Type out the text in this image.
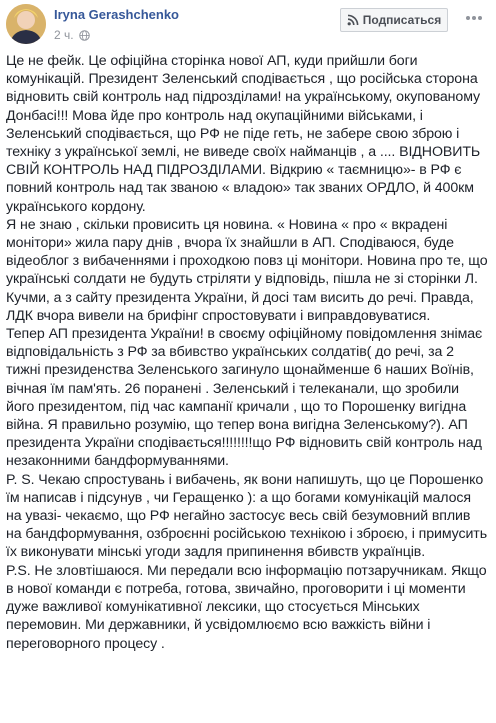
Iryna Gerashchenko
2 ч.
Подписаться

Це не фейк. Це офіційна сторінка нової АП, куди прийшли боги комунікацій. Президент Зеленський сподівається , що російська сторона відновить свій контроль над підрозділами! на українському, окупованому Донбасі!!! Мова йде про контроль над окупаційними військами, і Зеленський сподівається, що РФ не піде геть, не забере свою зброю і техніку з української землі, не виведе своїх найманців , а .... ВІДНОВИТЬ СВІЙ КОНТРОЛЬ НАД ПІДРОЗДІЛАМИ. Відкрию « таємницю»- в РФ є повний контроль над так званою « владою» так званих ОРДЛО, й 400км українського кордону.

Я не знаю , скільки провисить ця новина. « Новина « про « вкрадені монітори» жила пару днів , вчора їх знайшли в АП. Сподіваюся, буде відеоблог з вибаченнями і проходкою повз ці монітори. Новина про те, що українські солдати не будуть стріляти у відповідь, пішла не зі сторінки Л. Кучми, а з сайту президента України, й досі там висить до речі. Правда, ЛДК вчора вивели на брифінг спростовувати і виправдовуватися.

Тепер АП президента України! в своєму офіційному повідомлення знімає відповідальність з РФ за вбивство українських солдатів( до речі, за 2 тижні президенства Зеленського загинуло щонайменше 6 наших Воїнів, вічная їм пам'ять. 26 поранені . Зеленський і телеканали, що зробили його президентом, під час кампанії кричали , що то Порошенку вигідна війна. Я правильно розумію, що тепер вона вигідна Зеленському?). АП президента України сподівається!!!!!!!!що РФ відновить свій контроль над незаконними бандформуваннями.

P. S. Чекаю спростувань і вибачень, як вони напишуть, що це Порошенко їм написав і підсунув , чи Геращенко ): а що богами комунікацій малося на увазі- чекаємо, що РФ негайно застосує весь свій безумовний вплив на бандформування, озброєнні російською технікою і зброєю, і примусить їх виконувати мінські угоди задля припинення вбивств українців.

P.S. Не зловтішаюся. Ми передали всю інформацію потзаручникам. Якщо в нової команди є потреба, готова, звичайно, проговорити і ці моменти дуже важливої комунікативної лексики, що стосується Мінських перемовин. Ми державники, й усвідомлюємо всю важкість війни і переговорного процесу .
